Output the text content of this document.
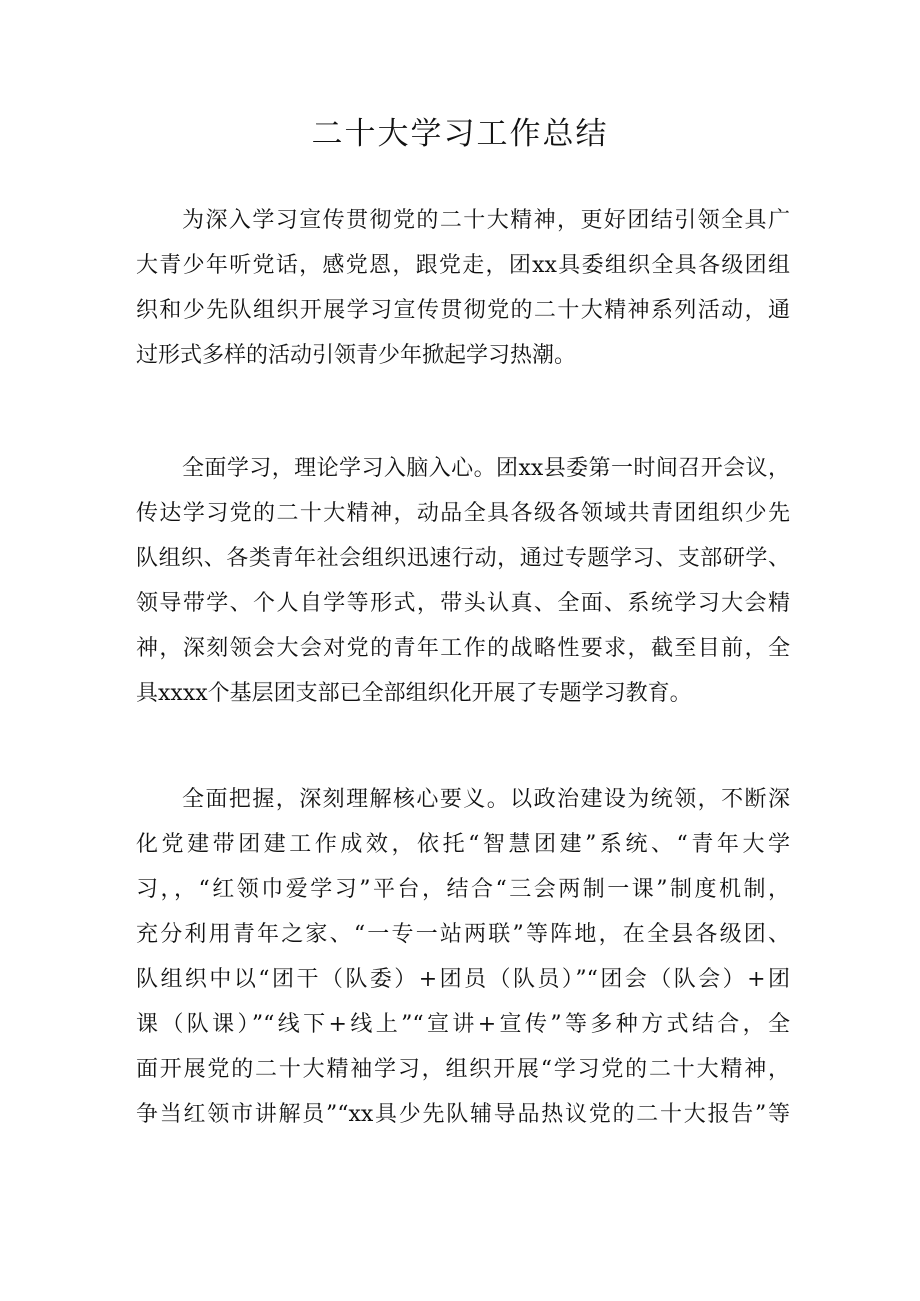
二十大学习工作总结
为深入学习宣传贯彻党的二十大精神，更好团结引领全具广
大青少年听党话，感党恩，跟党走，团xx具委组织全具各级团组
织和少先队组织开展学习宣传贯彻党的二十大精神系列活动，通
过形式多样的活动引领青少年掀起学习热潮。
全面学习，理论学习入脑入心。团xx县委第一时间召开会议，
传达学习党的二十大精神，动品全具各级各领域共青团组织少先
队组织、各类青年社会组织迅速行动，通过专题学习、支部研学、
领导带学、个人自学等形式，带头认真、全面、系统学习大会精
神，深刻领会大会对党的青年工作的战略性要求，截至目前，全
具xxxx个基层团支部已全部组织化开展了专题学习教育。
全面把握，深刻理解核心要义。以政治建设为统领，不断深
化党建带团建工作成效，依托“智慧团建”系统、“青年大学
习，，“红领巾爱学习”平台，结合“三会两制一课”制度机制，
充分利用青年之家、“一专一站两联”等阵地，在全县各级团、
队组织中以“团干（队委）+团员（队员）”“团会（队会）+团
课（队课）”“线下+线上”“宣讲+宣传”等多种方式结合，全
面开展党的二十大精袖学习，组织开展“学习党的二十大精神，
争当红领市讲解员”“xx具少先队辅导品热议党的二十大报告”等
